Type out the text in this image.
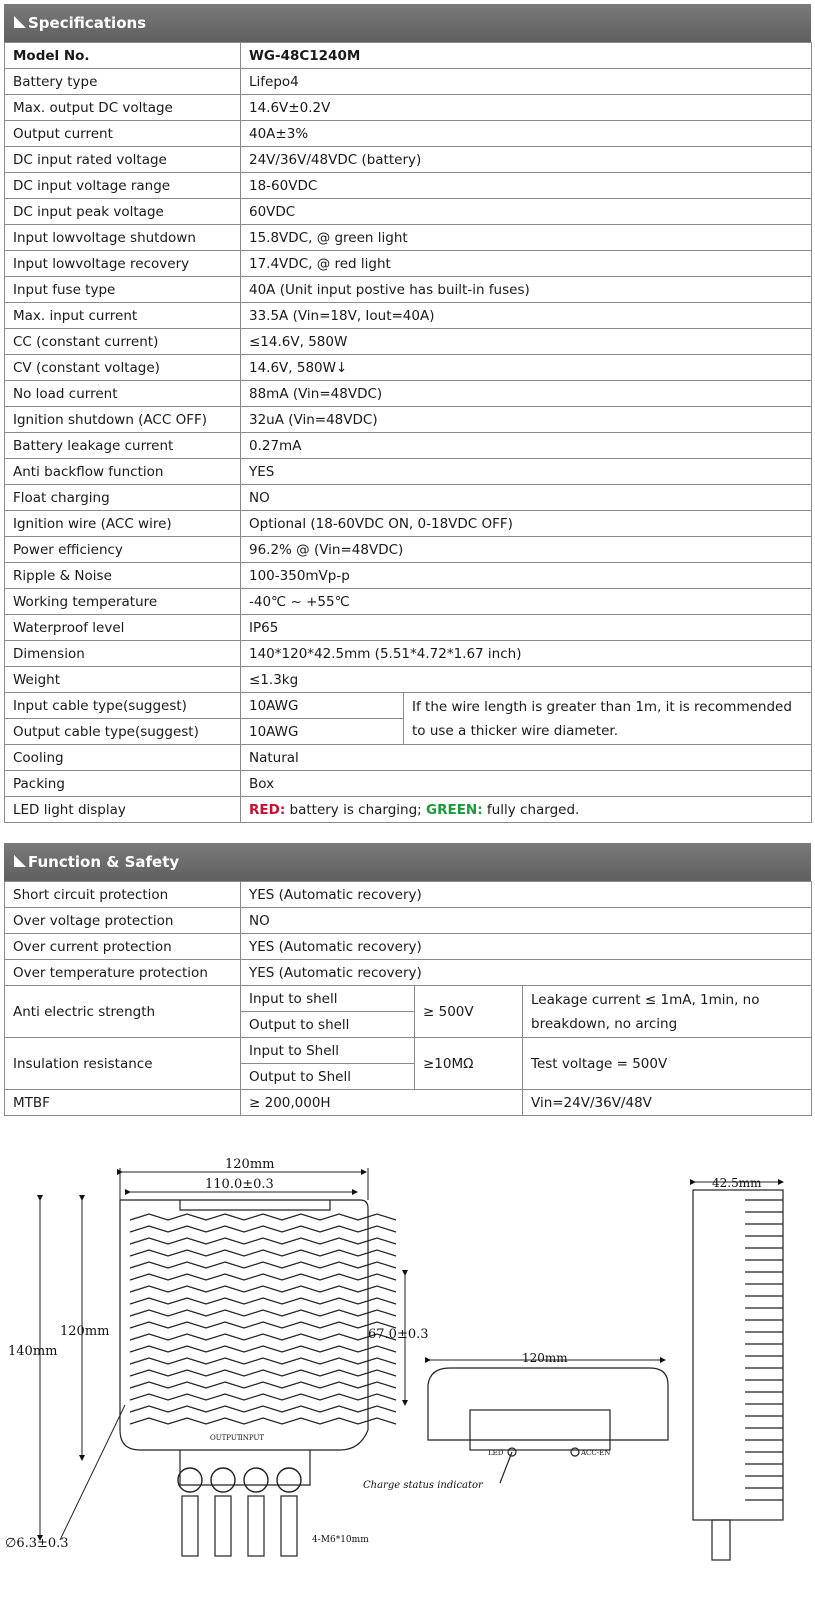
Specifications
Model No.	WG-48C1240M	
Battery type	Lifepo4	
Max. output DC voltage	14.6V±0.2V	
Output current	40A±3%	
DC input rated voltage	24V/36V/48VDC (battery)	
DC input voltage range	18-60VDC	
DC input peak voltage	60VDC	
Input lowvoltage shutdown	15.8VDC, @ green light	
Input lowvoltage recovery	17.4VDC, @ red light	
Input fuse type	40A (Unit input postive has built-in fuses)	
Max. input current	33.5A (Vin=18V, Iout=40A)	
CC (constant current)	≤14.6V, 580W	
CV (constant voltage)	14.6V, 580W↓	
No load current	88mA (Vin=48VDC)	
Ignition shutdown (ACC OFF)	32uA (Vin=48VDC)	
Battery leakage current	0.27mA	
Anti backflow function	YES	
Float charging	NO	
Ignition wire (ACC wire)	Optional (18-60VDC ON, 0-18VDC OFF)	
Power efficiency	96.2% @ (Vin=48VDC)	
Ripple & Noise	100-350mVp-p	
Working temperature	-40℃ ~ +55℃	
Waterproof level	IP65	
Dimension	140*120*42.5mm (5.51*4.72*1.67 inch)	
Weight	≤1.3kg	
Input cable type(suggest)	10AWG	If the wire length is greater than 1m, it is recommended to use a thicker wire diameter.
Output cable type(suggest)	10AWG	
Cooling	Natural	
Packing	Box	
LED light display	RED: battery is charging; GREEN: fully charged.	
Function & Safety
Short circuit protection	YES (Automatic recovery)		
Over voltage protection	NO		
Over current protection	YES (Automatic recovery)		
Over temperature protection	YES (Automatic recovery)		
Anti electric strength	Input to shell	≥ 500V	Leakage current ≤ 1mA, 1min, no breakdown, no arcing
	Output to shell		
Insulation resistance	Input to Shell	≥10MΩ	Test voltage = 500V
	Output to Shell		
MTBF	≥ 200,000H		Vin=24V/36V/48V
120mm
110.0±0.3
140mm
120mm	67.0±0.3
∅6.3±0.3	4-M6*10mm
OUTPUT
INPUT
120mm
LED	ACC-EN
Charge status indicator
42.5mm
